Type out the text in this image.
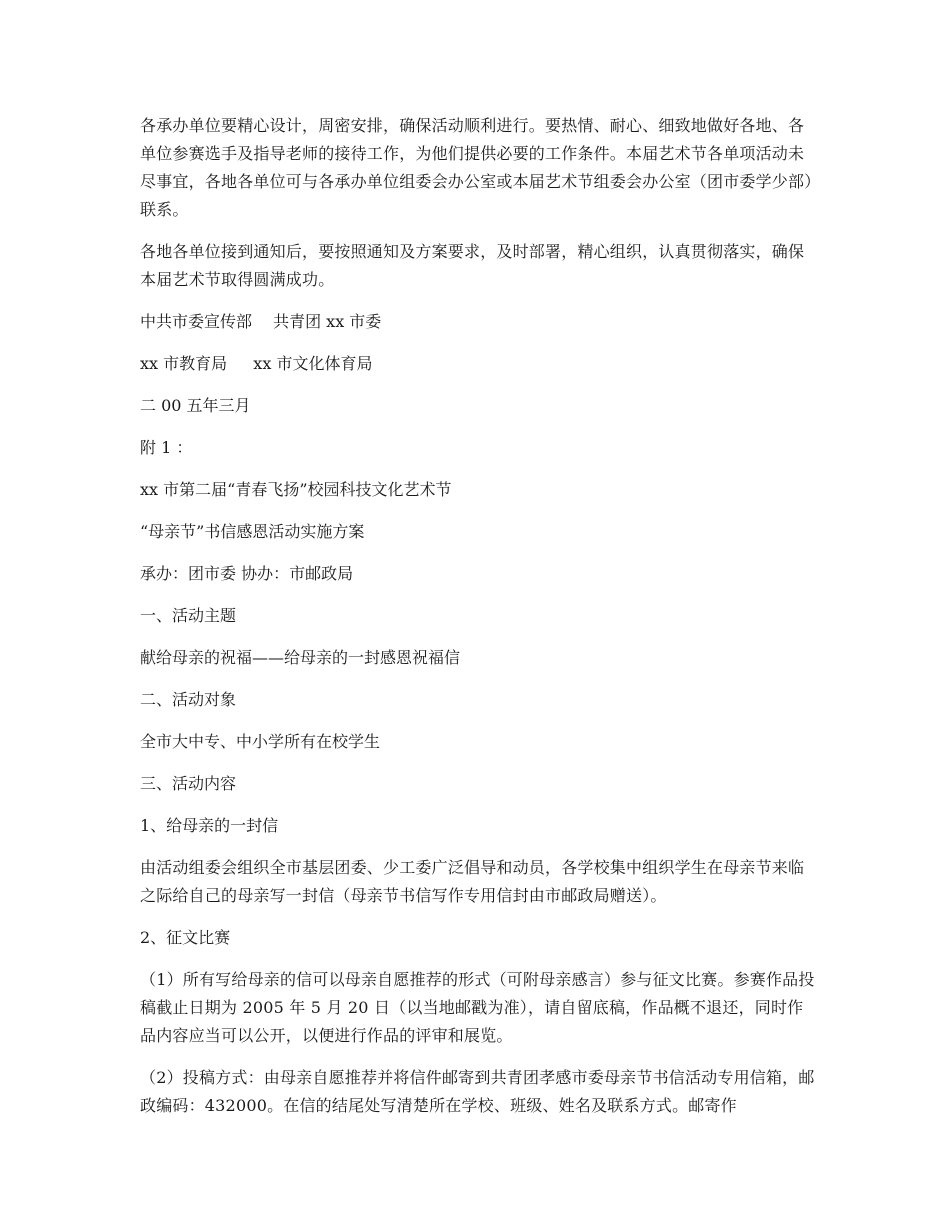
各承办单位要精心设计，周密安排，确保活动顺利进行。要热情、耐心、细致地做好各地、各单位参赛选手及指导老师的接待工作，为他们提供必要的工作条件。本届艺术节各单项活动未尽事宜，各地各单位可与各承办单位组委会办公室或本届艺术节组委会办公室（团市委学少部）联系。

各地各单位接到通知后，要按照通知及方案要求，及时部署，精心组织，认真贯彻落实，确保本届艺术节取得圆满成功。

中共市委宣传部　 共青团 xx 市委

xx 市教育局　  xx 市文化体育局

二 00 五年三月

附 1 ：

xx 市第二届“青春飞扬”校园科技文化艺术节

“母亲节”书信感恩活动实施方案

承办：团市委 协办：市邮政局

一、活动主题

献给母亲的祝福——给母亲的一封感恩祝福信

二、活动对象

全市大中专、中小学所有在校学生

三、活动内容

1、给母亲的一封信

由活动组委会组织全市基层团委、少工委广泛倡导和动员，各学校集中组织学生在母亲节来临之际给自己的母亲写一封信（母亲节书信写作专用信封由市邮政局赠送）。

2、征文比赛

（1）所有写给母亲的信可以母亲自愿推荐的形式（可附母亲感言）参与征文比赛。参赛作品投稿截止日期为 2005 年 5 月 20 日（以当地邮戳为准），请自留底稿，作品概不退还，同时作品内容应当可以公开，以便进行作品的评审和展览。

（2）投稿方式：由母亲自愿推荐并将信件邮寄到共青团孝感市委母亲节书信活动专用信箱，邮政编码：432000。在信的结尾处写清楚所在学校、班级、姓名及联系方式。邮寄作
